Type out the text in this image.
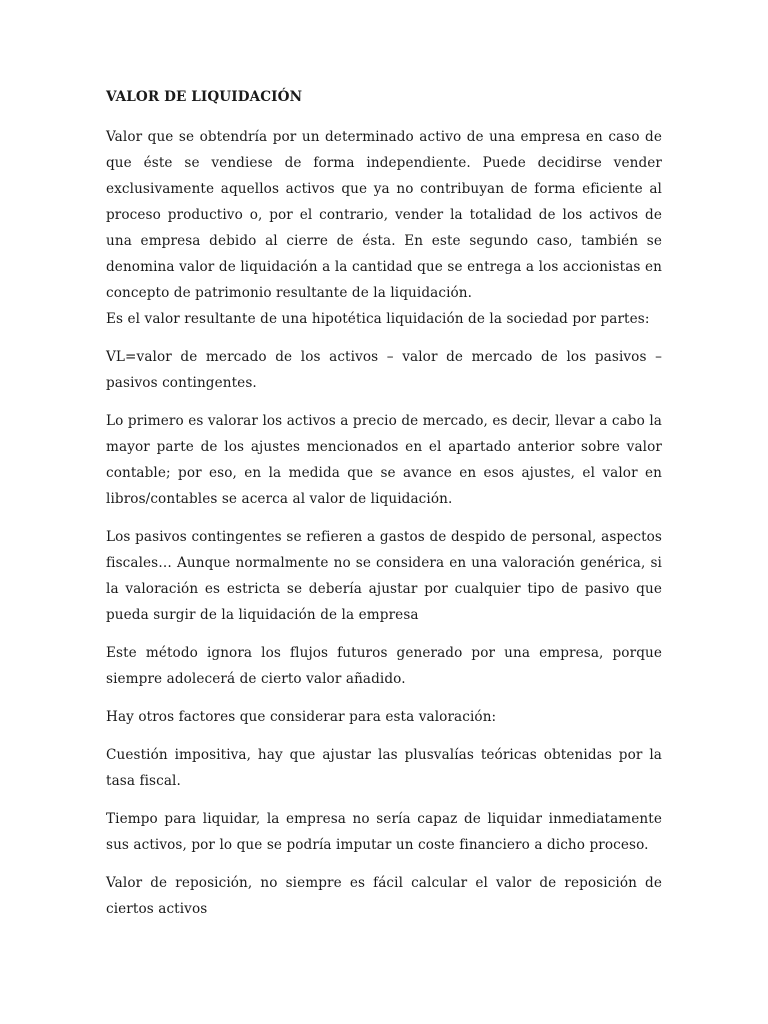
VALOR DE LIQUIDACIÓN

Valor que se obtendría por un determinado activo de una empresa en caso de que éste se vendiese de forma independiente. Puede decidirse vender exclusivamente aquellos activos que ya no contribuyan de forma eficiente al proceso productivo o, por el contrario, vender la totalidad de los activos de una empresa debido al cierre de ésta. En este segundo caso, también se denomina valor de liquidación a la cantidad que se entrega a los accionistas en concepto de patrimonio resultante de la liquidación.

Es el valor resultante de una hipotética liquidación de la sociedad por partes:

VL=valor de mercado de los activos – valor de mercado de los pasivos – pasivos contingentes.

Lo primero es valorar los activos a precio de mercado, es decir, llevar a cabo la mayor parte de los ajustes mencionados en el apartado anterior sobre valor contable; por eso, en la medida que se avance en esos ajustes, el valor en libros/contables se acerca al valor de liquidación.

Los pasivos contingentes se refieren a gastos de despido de personal, aspectos fiscales… Aunque normalmente no se considera en una valoración genérica, si la valoración es estricta se debería ajustar por cualquier tipo de pasivo que pueda surgir de la liquidación de la empresa

Este método ignora los flujos futuros generado por una empresa, porque siempre adolecerá de cierto valor añadido.

Hay otros factores que considerar para esta valoración:

Cuestión impositiva, hay que ajustar las plusvalías teóricas obtenidas por la tasa fiscal.

Tiempo para liquidar, la empresa no sería capaz de liquidar inmediatamente sus activos, por lo que se podría imputar un coste financiero a dicho proceso.

Valor de reposición, no siempre es fácil calcular el valor de reposición de ciertos activos
